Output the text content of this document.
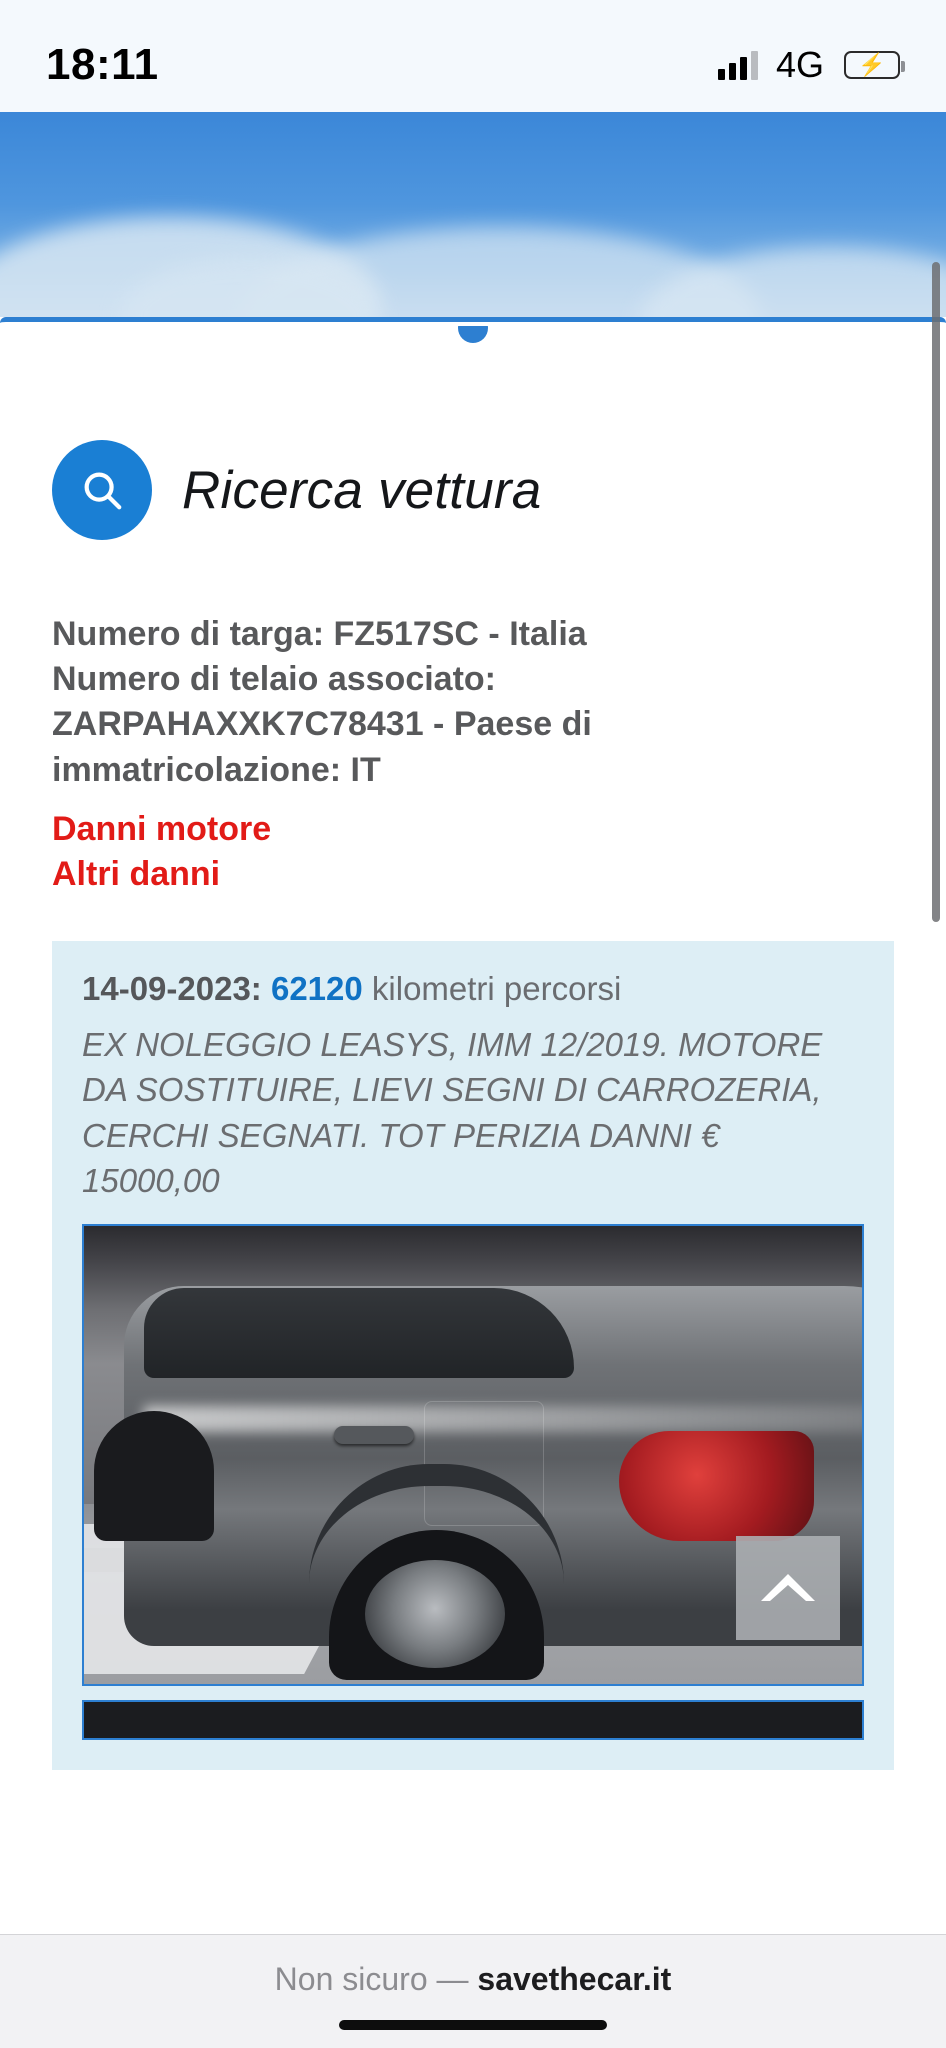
18:11	4G ⚡
Ricerca vettura
Numero di targa: FZ517SC - Italia
Numero di telaio associato:
ZARPAHAXXK7C78431 - Paese di
immatricolazione: IT
Danni motore
Altri danni
14-09-2023: 62120 kilometri percorsi
EX NOLEGGIO LEASYS, IMM 12/2019. MOTORE DA SOSTITUIRE, LIEVI SEGNI DI CARROZERIA, CERCHI SEGNATI. TOT PERIZIA DANNI € 15000,00
Non sicuro — savethecar.it
